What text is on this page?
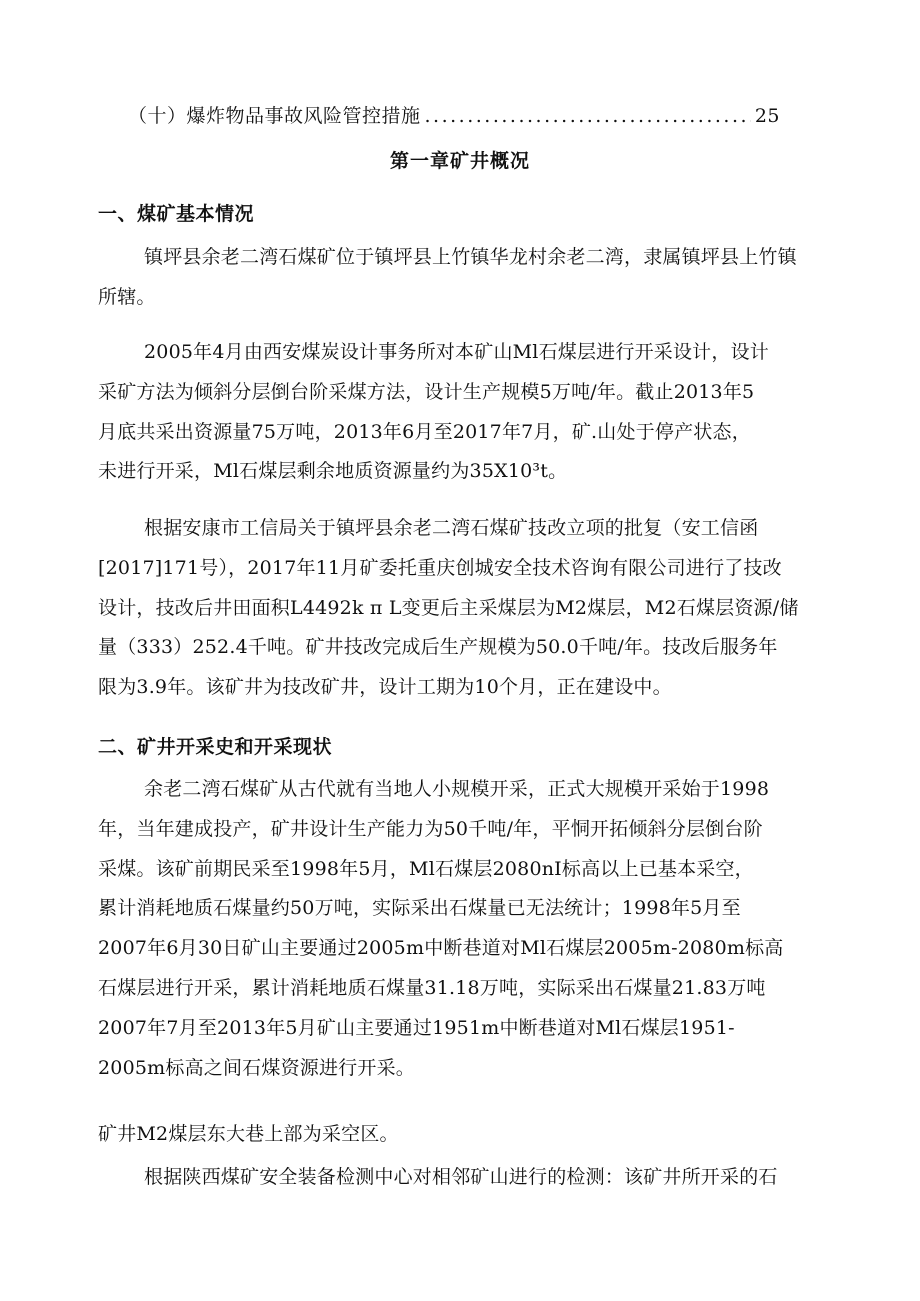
（十）爆炸物品事故风险管控措施
.....	25
第一章矿井概况
一、煤矿基本情况
镇坪县余老二湾石煤矿位于镇坪县上竹镇华龙村余老二湾，隶属镇坪县上竹镇
所辖。
2005年4月由西安煤炭设计事务所对本矿山Ml石煤层进行开采设计，设计
采矿方法为倾斜分层倒台阶采煤方法，设计生产规模5万吨/年。截止2013年5
月底共采出资源量75万吨，2013年6月至2017年7月，矿.山处于停产状态，
未进行开采，Ml石煤层剩余地质资源量约为35X10³t。
根据安康市工信局关于镇坪县余老二湾石煤矿技改立项的批复（安工信函
[2017]171号），2017年11月矿委托重庆创城安全技术咨询有限公司进行了技改
设计，技改后井田面积L4492k π L变更后主采煤层为M2煤层，M2石煤层资源/储
量（333）252.4千吨。矿井技改完成后生产规模为50.0千吨/年。技改后服务年
限为3.9年。该矿井为技改矿井，设计工期为10个月，正在建设中。
二、矿井开采史和开采现状
余老二湾石煤矿从古代就有当地人小规模开采，正式大规模开采始于1998
年，当年建成投产，矿井设计生产能力为50千吨/年，平恫开拓倾斜分层倒台阶
采煤。该矿前期民采至1998年5月，Ml石煤层2080nI标高以上已基本采空，
累计消耗地质石煤量约50万吨，实际采出石煤量已无法统计；1998年5月至
2007年6月30日矿山主要通过2005m中断巷道对Ml石煤层2005m-2080m标高
石煤层进行开采，累计消耗地质石煤量31.18万吨，实际采出石煤量21.83万吨
2007年7月至2013年5月矿山主要通过1951m中断巷道对Ml石煤层1951-
2005m标高之间石煤资源进行开采。
矿井M2煤层东大巷上部为采空区。
根据陕西煤矿安全装备检测中心对相邻矿山进行的检测：该矿井所开采的石
